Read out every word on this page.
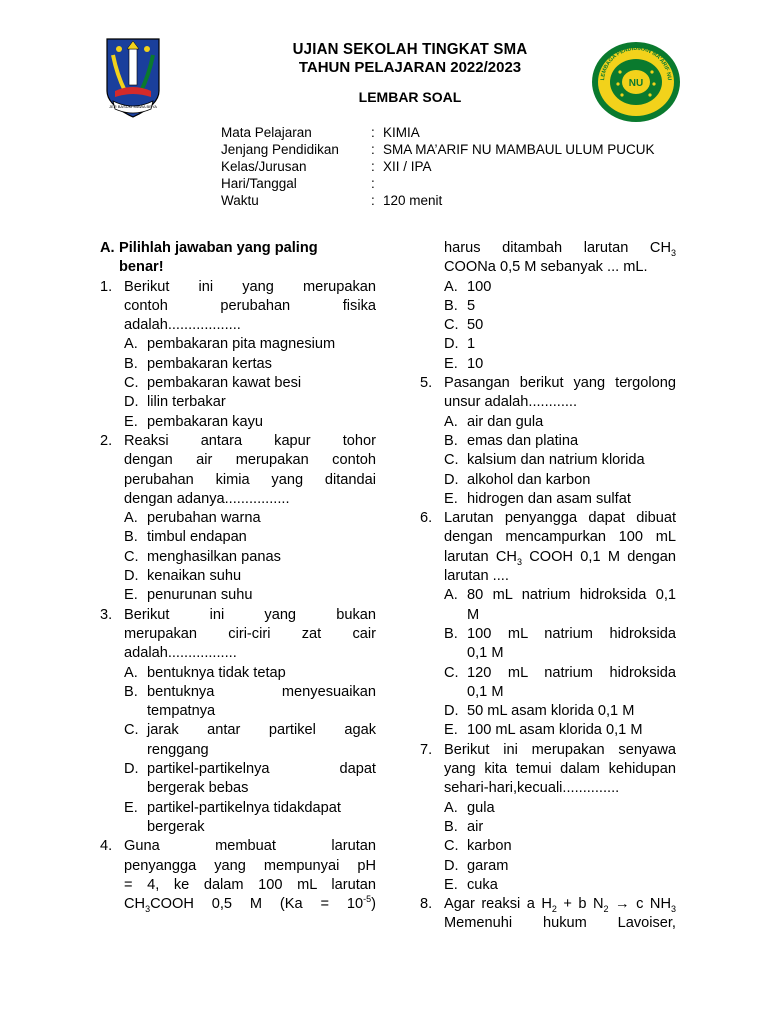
JER BASUKI MAWA BEYA
LEMBAGA PENDIDIKAN MA'ARIF NU
NU
UJIAN SEKOLAH TINGKAT SMA
TAHUN PELAJARAN 2022/2023
LEMBAR SOAL
Mata Pelajaran	: KIMIA
Jenjang Pendidikan	: SMA MA’ARIF NU MAMBAUL ULUM PUCUK
Kelas/Jurusan	: XII / IPA
Hari/Tanggal	:
Waktu	: 120 menit
A. Pilihlah jawaban yang paling
benar!
1. Berikut ini yang merupakan
contoh perubahan fisika
adalah..................
A. pembakaran pita magnesium
B. pembakaran kertas
C. pembakaran kawat besi
D. lilin terbakar
E. pembakaran kayu
2. Reaksi antara kapur tohor
dengan air merupakan contoh
perubahan kimia yang ditandai
dengan adanya................
A. perubahan warna
B. timbul endapan
C. menghasilkan panas
D. kenaikan suhu
E. penurunan suhu
3. Berikut ini yang bukan
merupakan ciri-ciri zat cair
adalah.................
A. bentuknya tidak tetap
B. bentuknya menyesuaikan
tempatnya
C. jarak antar partikel agak
renggang
D. partikel-partikelnya dapat
bergerak bebas
E. partikel-partikelnya tidakdapat
bergerak
4. Guna membuat larutan
penyangga yang mempunyai pH
= 4, ke dalam 100 mL larutan
$CH_3COOH$ 0,5 M $(Ka = 10^{-5})$
harus ditambah larutan $CH_3$
COONa 0,5 M sebanyak ... mL.
A. 100
B. 5
C. 50
D. 1
E. 10
5. Pasangan berikut yang tergolong
unsur adalah............
A. air dan gula
B. emas dan platina
C. kalsium dan natrium klorida
D. alkohol dan karbon
E. hidrogen dan asam sulfat
6. Larutan penyangga dapat dibuat
dengan mencampurkan 100 mL
larutan $CH_3$ COOH 0,1 M dengan
larutan ....
A. 80 mL natrium hidroksida 0,1
M
B. 100 mL natrium hidroksida
0,1 M
C. 120 mL natrium hidroksida
0,1 M
D. 50 mL asam klorida 0,1 M
E. 100 mL asam klorida 0,1 M
7. Berikut ini merupakan senyawa
yang kita temui dalam kehidupan
sehari-hari,kecuali..............
A. gula
B. air
C. karbon
D. garam
E. cuka
8. Agar reaksi a $H_2 + b$ $N_2 \to c$ $NH_3$
Memenuhi hukum Lavoiser,
